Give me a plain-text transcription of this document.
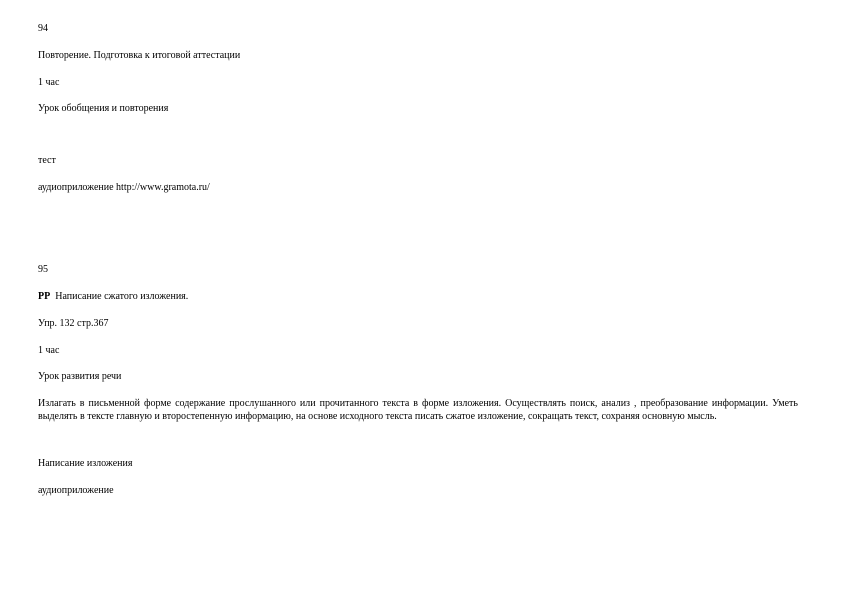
94
Повторение. Подготовка к итоговой аттестации
1 час
Урок обобщения и повторения
тест
аудиоприложение http://www.gramota.ru/
95
РР Написание сжатого изложения.
Упр. 132 стр.367
1 час
Урок развития речи
Излагать в письменной форме содержание прослушанного или прочитанного текста в форме изложения. Осуществлять поиск, анализ , преобразование информации. Уметь выделять в тексте главную и второстепенную информацию, на основе исходного текста писать сжатое изложение, сокращать текст, сохраняя основную мысль.
Написание изложения
аудиоприложение
